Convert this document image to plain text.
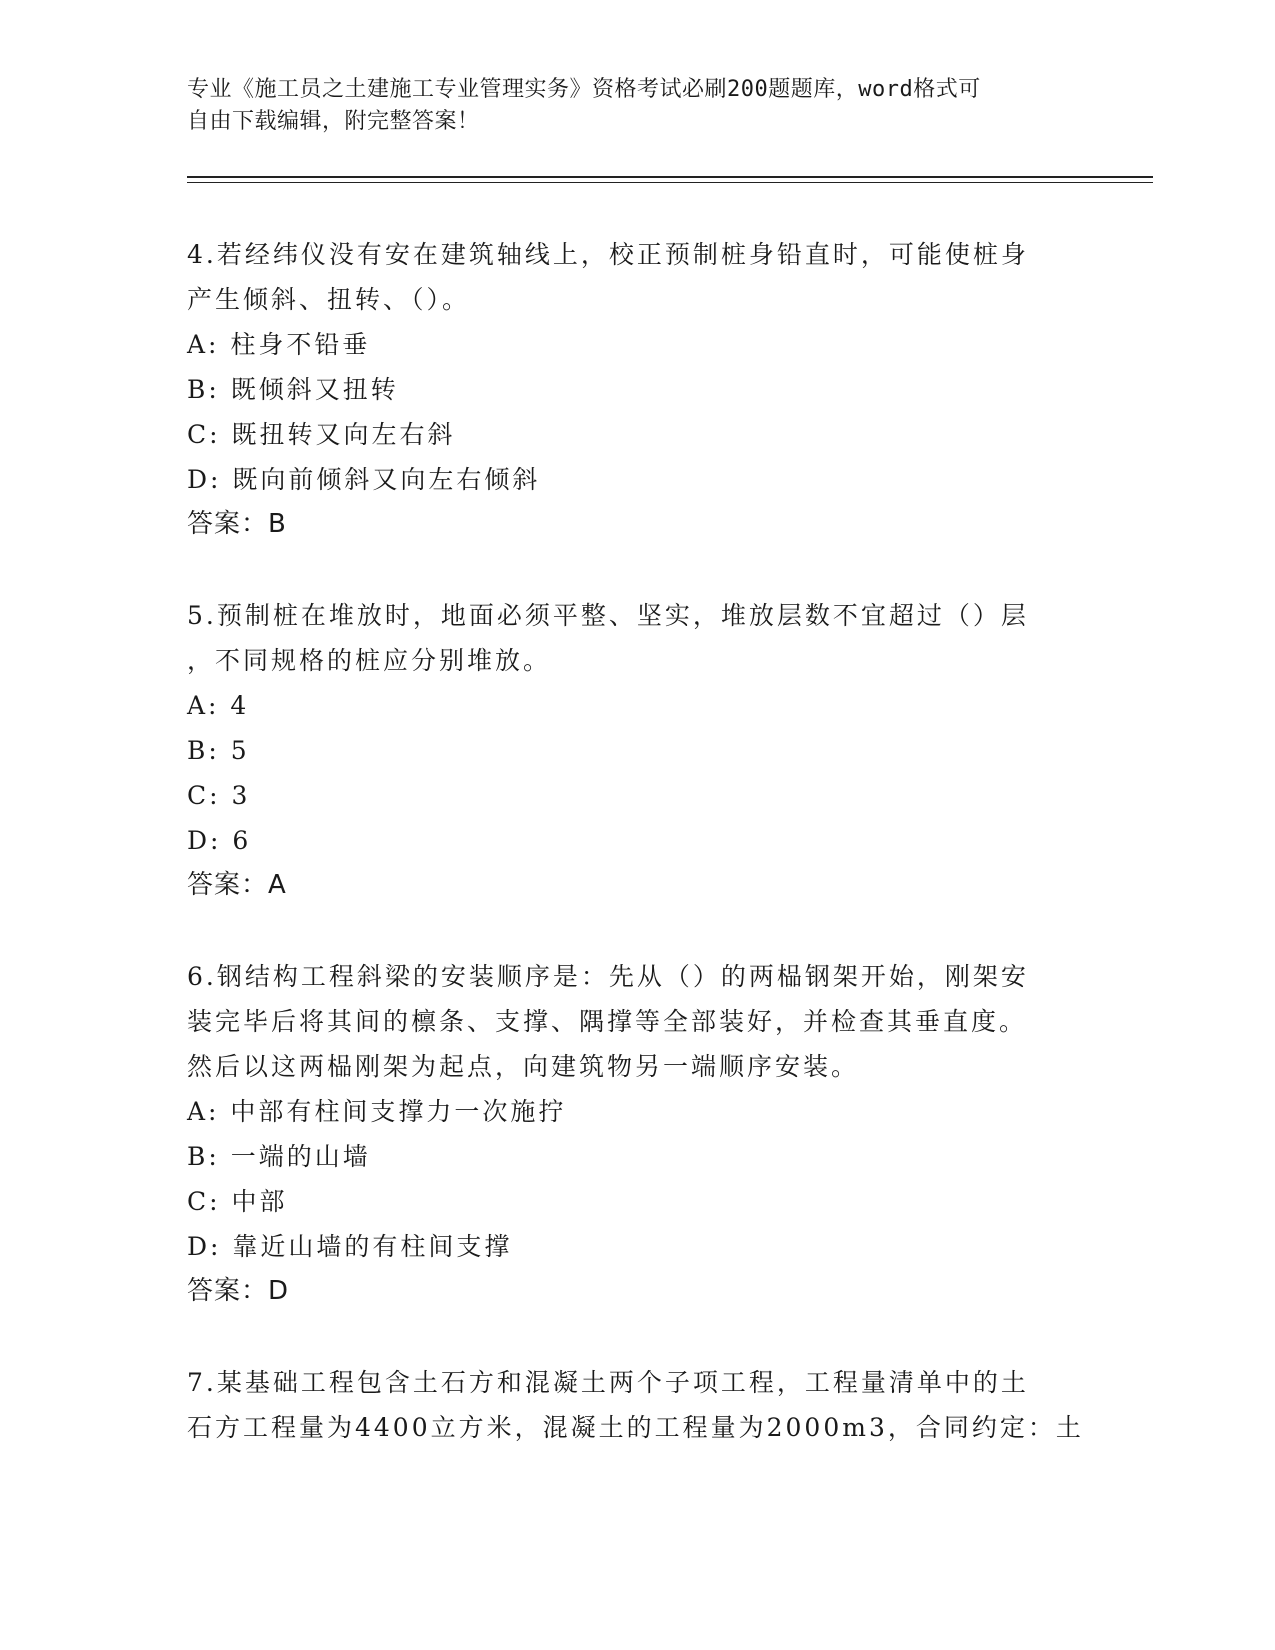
专业《施工员之土建施工专业管理实务》资格考试必刷200题题库，word格式可
自由下载编辑，附完整答案！

4.若经纬仪没有安在建筑轴线上，校正预制桩身铅直时，可能使桩身

产生倾斜、扭转、（）。

A: 柱身不铅垂

B: 既倾斜又扭转

C: 既扭转又向左右斜

D: 既向前倾斜又向左右倾斜

答案：B

5.预制桩在堆放时，地面必须平整、坚实，堆放层数不宜超过（）层

，不同规格的桩应分别堆放。

A: 4

B: 5

C: 3

D: 6

答案：A

6.钢结构工程斜梁的安装顺序是：先从（）的两榀钢架开始，刚架安

装完毕后将其间的檩条、支撑、隅撑等全部装好，并检查其垂直度。

然后以这两榀刚架为起点，向建筑物另一端顺序安装。

A: 中部有柱间支撑力一次施拧

B: 一端的山墙

C: 中部

D: 靠近山墙的有柱间支撑

答案：D

7.某基础工程包含土石方和混凝土两个子项工程，工程量清单中的土

石方工程量为4400立方米，混凝土的工程量为2000m3，合同约定：土
